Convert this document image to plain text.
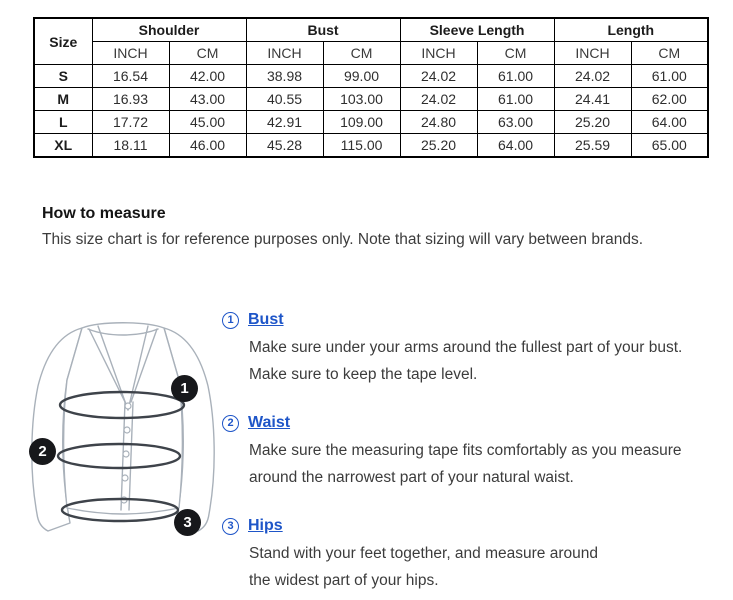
Size	Shoulder		Bust		Sleeve Length		Length	
	INCH	CM	INCH	CM	INCH	CM	INCH	CM
S	16.54	42.00	38.98	99.00	24.02	61.00	24.02	61.00
M	16.93	43.00	40.55	103.00	24.02	61.00	24.41	62.00
L	17.72	45.00	42.91	109.00	24.80	63.00	25.20	64.00
XL	18.11	46.00	45.28	115.00	25.20	64.00	25.59	65.00
How to measure
This size chart is for reference purposes only. Note that sizing will vary between brands.
1
2
3
1 Bust
Make sure under your arms around the fullest part of your bust.
Make sure to keep the tape level.
2 Waist
Make sure the measuring tape fits comfortably as you measure
around the narrowest part of your natural waist.
3 Hips
Stand with your feet together, and measure around
the widest part of your hips.
